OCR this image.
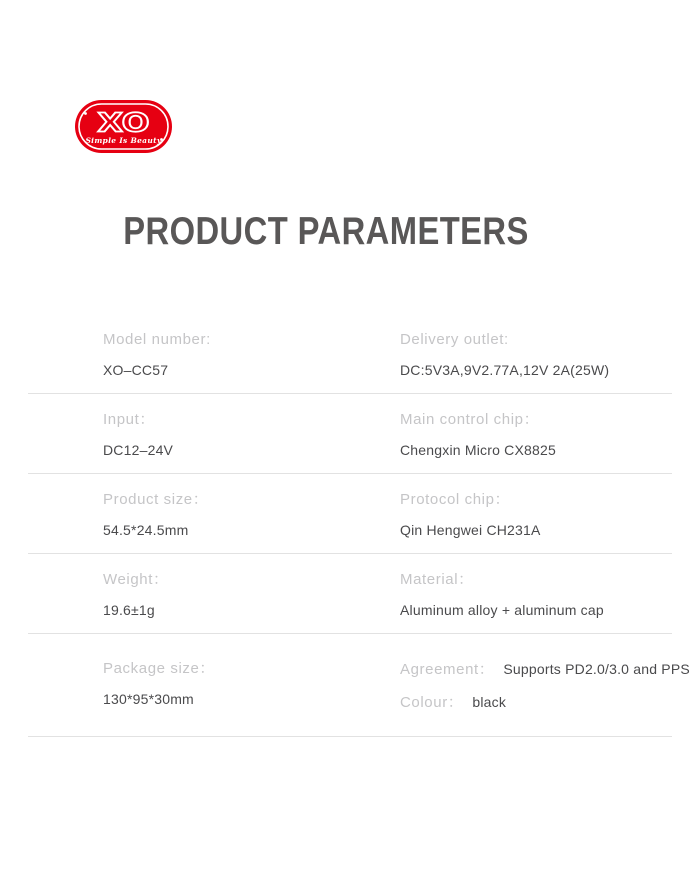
XO
Simple Is Beauty
PRODUCT PARAMETERS
Model number:
XO–CC57
Delivery outlet:
DC:5V3A,9V2.77A,12V 2A(25W)
Input：
DC12–24V
Main control chip：
Chengxin Micro CX8825
Product size：
54.5*24.5mm
Protocol chip：
Qin Hengwei CH231A
Weight：
19.6±1g
Material：
Aluminum alloy + aluminum cap
Package size：
130*95*30mm
Agreement： Supports PD2.0/3.0 and PPS
Colour： black
